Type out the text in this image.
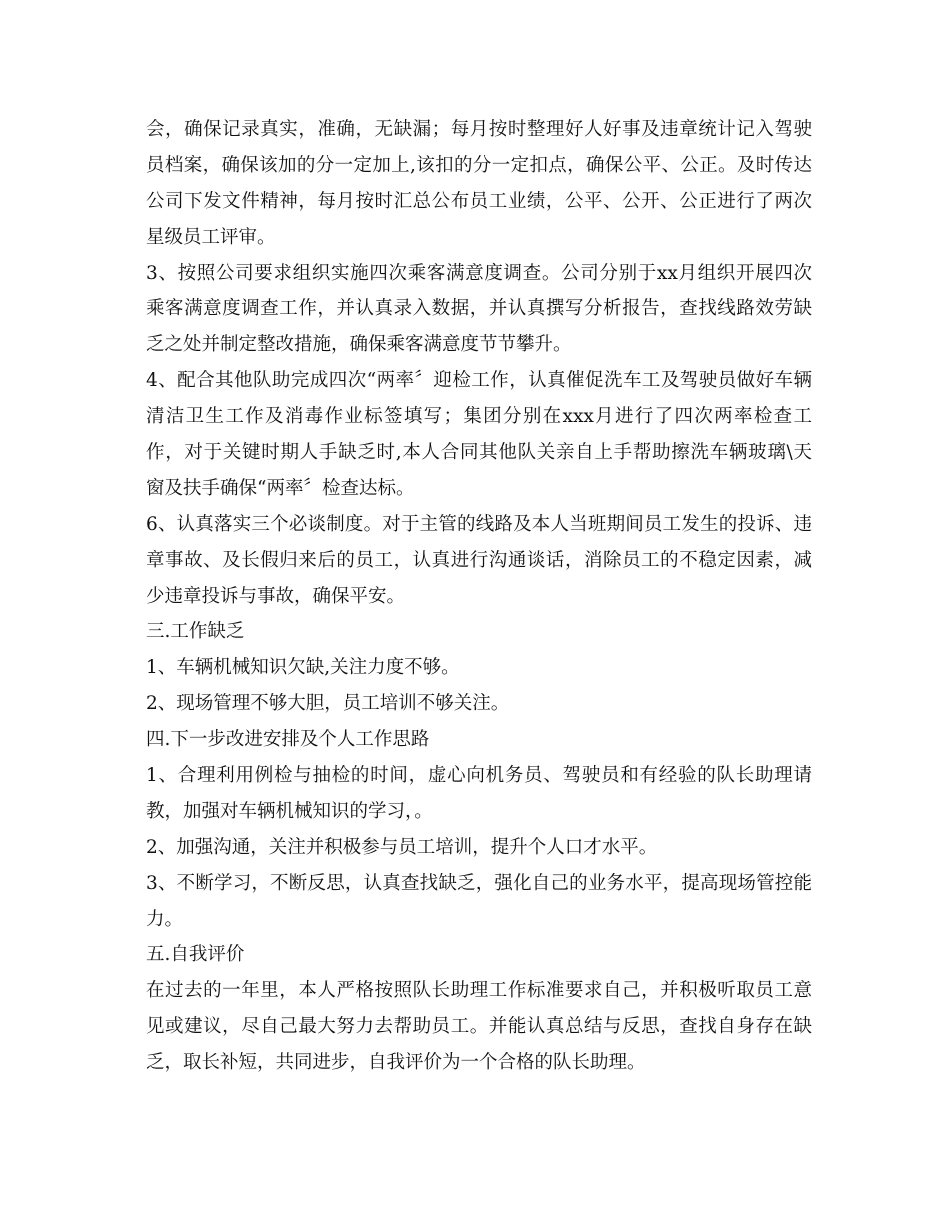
会，确保记录真实，准确，无缺漏；每月按时整理好人好事及违章统计记入驾驶
员档案，确保该加的分一定加上,该扣的分一定扣点，确保公平、公正。及时传达
公司下发文件精神，每月按时汇总公布员工业绩，公平、公开、公正进行了两次
星级员工评审。
3、按照公司要求组织实施四次乘客满意度调查。公司分别于xx月组织开展四次
乘客满意度调查工作，并认真录入数据，并认真撰写分析报告，查找线路效劳缺
乏之处并制定整改措施，确保乘客满意度节节攀升。
4、配合其他队助完成四次“两率〞迎检工作，认真催促洗车工及驾驶员做好车辆
清洁卫生工作及消毒作业标签填写；集团分别在xxx月进行了四次两率检查工
作，对于关键时期人手缺乏时,本人合同其他队关亲自上手帮助擦洗车辆玻璃\天
窗及扶手确保“两率〞检查达标。
6、认真落实三个必谈制度。对于主管的线路及本人当班期间员工发生的投诉、违
章事故、及长假归来后的员工，认真进行沟通谈话，消除员工的不稳定因素，减
少违章投诉与事故，确保平安。
三.工作缺乏
1、车辆机械知识欠缺,关注力度不够。
2、现场管理不够大胆，员工培训不够关注。
四.下一步改进安排及个人工作思路
1、合理利用例检与抽检的时间，虚心向机务员、驾驶员和有经验的队长助理请
教，加强对车辆机械知识的学习，。
2、加强沟通，关注并积极参与员工培训，提升个人口才水平。
3、不断学习，不断反思，认真查找缺乏，强化自己的业务水平，提高现场管控能
力。
五.自我评价
在过去的一年里，本人严格按照队长助理工作标准要求自己，并积极听取员工意
见或建议，尽自己最大努力去帮助员工。并能认真总结与反思，查找自身存在缺
乏，取长补短，共同进步，自我评价为一个合格的队长助理。
